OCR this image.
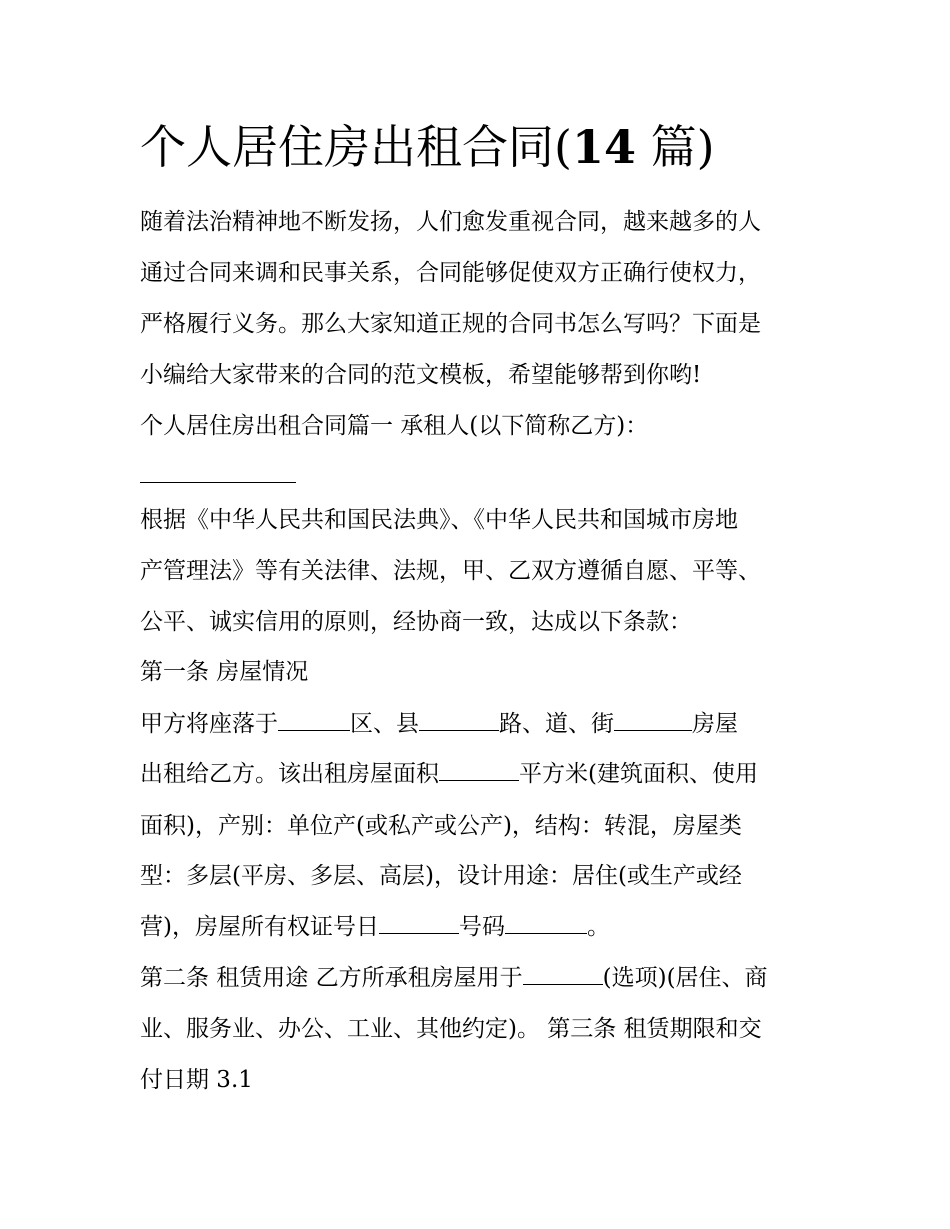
个人居住房出租合同(14 篇)

随着法治精神地不断发扬，人们愈发重视合同，越来越多的人

通过合同来调和民事关系，合同能够促使双方正确行使权力，

严格履行义务。那么大家知道正规的合同书怎么写吗？下面是

小编给大家带来的合同的范文模板，希望能够帮到你哟!

个人居住房出租合同篇一 承租人(以下简称乙方)：

根据《中华人民共和国民法典》、《中华人民共和国城市房地

产管理法》等有关法律、法规，甲、乙双方遵循自愿、平等、

公平、诚实信用的原则，经协商一致，达成以下条款：

第一条 房屋情况

甲方将座落于	区、县	路、道、街	房屋

出租给乙方。该出租房屋面积	平方米(建筑面积、使用

面积)，产别：单位产(或私产或公产)，结构：转混，房屋类

型：多层(平房、多层、高层)，设计用途：居住(或生产或经

营)，房屋所有权证号日	号码	。

第二条 租赁用途 乙方所承租房屋用于	(选项)(居住、商

业、服务业、办公、工业、其他约定)。 第三条 租赁期限和交

付日期 3.1
